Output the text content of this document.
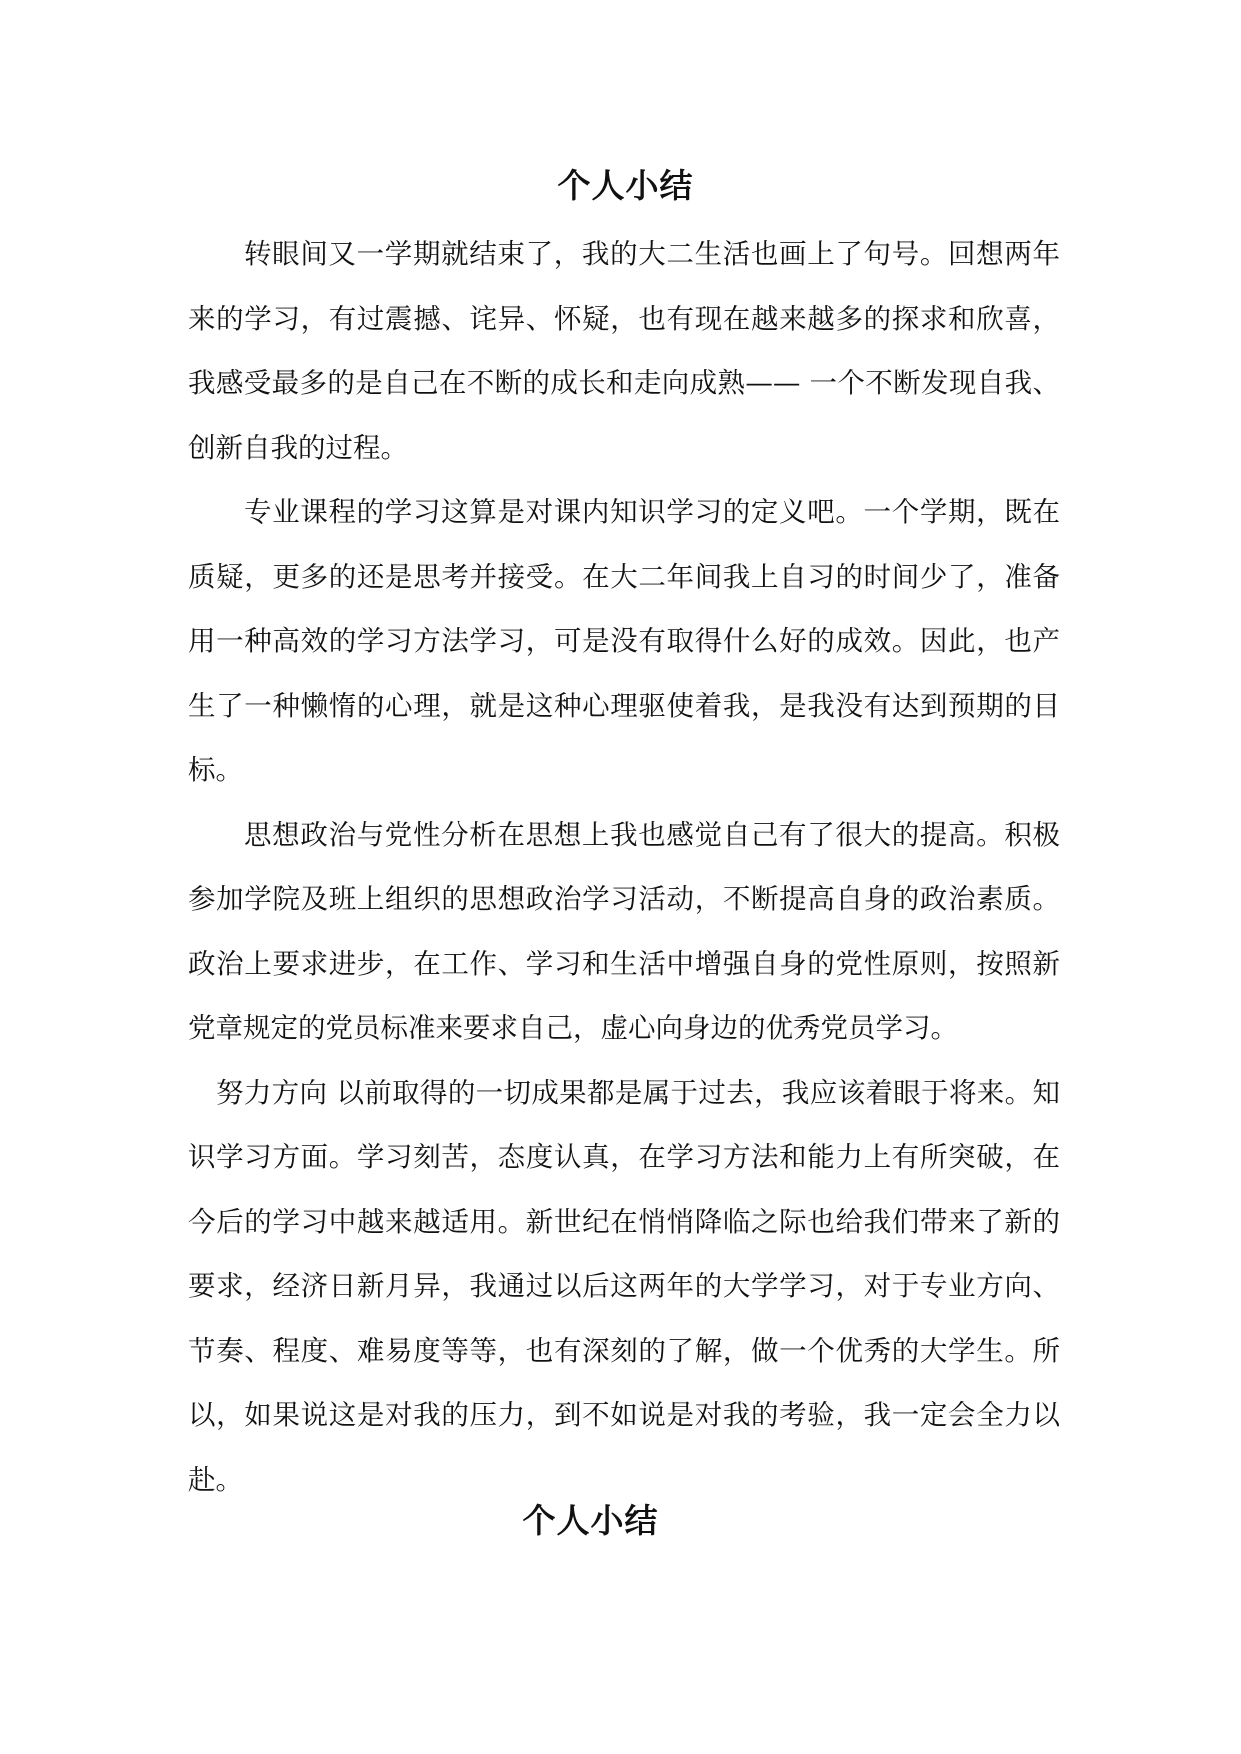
个人小结

转眼间又一学期就结束了，我的大二生活也画上了句号。回想两年来的学习，有过震撼、诧异、怀疑，也有现在越来越多的探求和欣喜，我感受最多的是自己在不断的成长和走向成熟—— 一个不断发现自我、创新自我的过程。

专业课程的学习这算是对课内知识学习的定义吧。一个学期，既在质疑，更多的还是思考并接受。在大二年间我上自习的时间少了，准备用一种高效的学习方法学习，可是没有取得什么好的成效。因此，也产生了一种懒惰的心理，就是这种心理驱使着我，是我没有达到预期的目标。

思想政治与党性分析在思想上我也感觉自己有了很大的提高。积极参加学院及班上组织的思想政治学习活动，不断提高自身的政治素质。政治上要求进步，在工作、学习和生活中增强自身的党性原则，按照新党章规定的党员标准来要求自己，虚心向身边的优秀党员学习。

努力方向 以前取得的一切成果都是属于过去，我应该着眼于将来。知识学习方面。学习刻苦，态度认真，在学习方法和能力上有所突破，在今后的学习中越来越适用。新世纪在悄悄降临之际也给我们带来了新的要求，经济日新月异，我通过以后这两年的大学学习，对于专业方向、节奏、程度、难易度等等，也有深刻的了解，做一个优秀的大学生。所以，如果说这是对我的压力，到不如说是对我的考验，我一定会全力以赴。

个人小结
